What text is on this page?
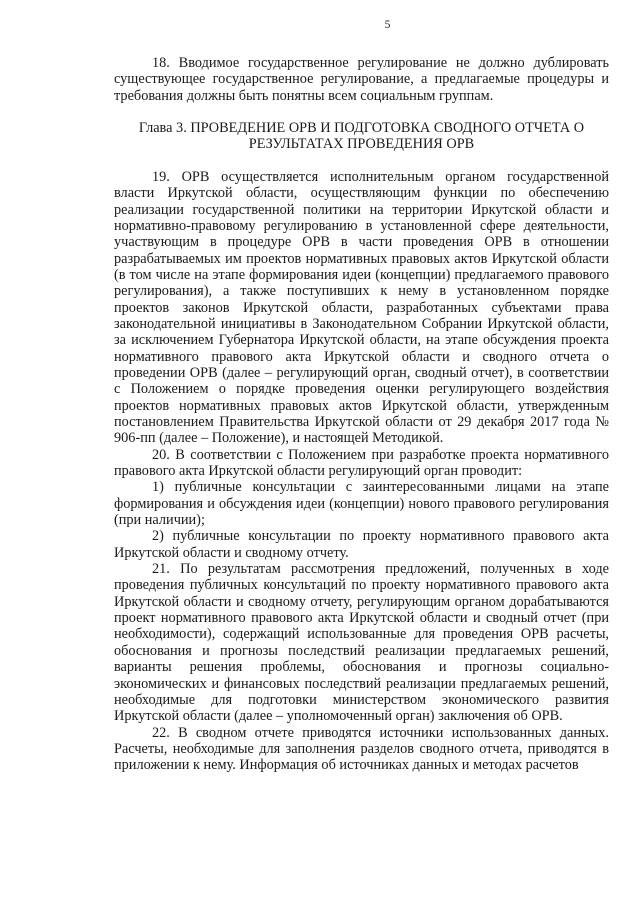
5

18. Вводимое государственное регулирование не должно дублировать существующее государственное регулирование, а предлагаемые процедуры и требования должны быть понятны всем социальным группам.

Глава 3. ПРОВЕДЕНИЕ ОРВ И ПОДГОТОВКА СВОДНОГО ОТЧЕТА О РЕЗУЛЬТАТАХ ПРОВЕДЕНИЯ ОРВ

19. ОРВ осуществляется исполнительным органом государственной власти Иркутской области, осуществляющим функции по обеспечению реализации государственной политики на территории Иркутской области и нормативно-правовому регулированию в установленной сфере деятельности, участвующим в процедуре ОРВ в части проведения ОРВ в отношении разрабатываемых им проектов нормативных правовых актов Иркутской области (в том числе на этапе формирования идеи (концепции) предлагаемого правового регулирования), а также поступивших к нему в установленном порядке проектов законов Иркутской области, разработанных субъектами права законодательной инициативы в Законодательном Собрании Иркутской области, за исключением Губернатора Иркутской области, на этапе обсуждения проекта нормативного правового акта Иркутской области и сводного отчета о проведении ОРВ (далее – регулирующий орган, сводный отчет), в соответствии с Положением о порядке проведения оценки регулирующего воздействия проектов нормативных правовых актов Иркутской области, утвержденным постановлением Правительства Иркутской области от 29 декабря 2017 года № 906-пп (далее – Положение), и настоящей Методикой.

20. В соответствии с Положением при разработке проекта нормативного правового акта Иркутской области регулирующий орган проводит:

1) публичные консультации с заинтересованными лицами на этапе формирования и обсуждения идеи (концепции) нового правового регулирования (при наличии);
2) публичные консультации по проекту нормативного правового акта Иркутской области и сводному отчету.

21. По результатам рассмотрения предложений, полученных в ходе проведения публичных консультаций по проекту нормативного правового акта Иркутской области и сводному отчету, регулирующим органом дорабатываются проект нормативного правового акта Иркутской области и сводный отчет (при необходимости), содержащий использованные для проведения ОРВ расчеты, обоснования и прогнозы последствий реализации предлагаемых решений, варианты решения проблемы, обоснования и прогнозы социально-экономических и финансовых последствий реализации предлагаемых решений, необходимые для подготовки министерством экономического развития Иркутской области (далее – уполномоченный орган) заключения об ОРВ.

22. В сводном отчете приводятся источники использованных данных. Расчеты, необходимые для заполнения разделов сводного отчета, приводятся в приложении к нему. Информация об источниках данных и методах расчетов
